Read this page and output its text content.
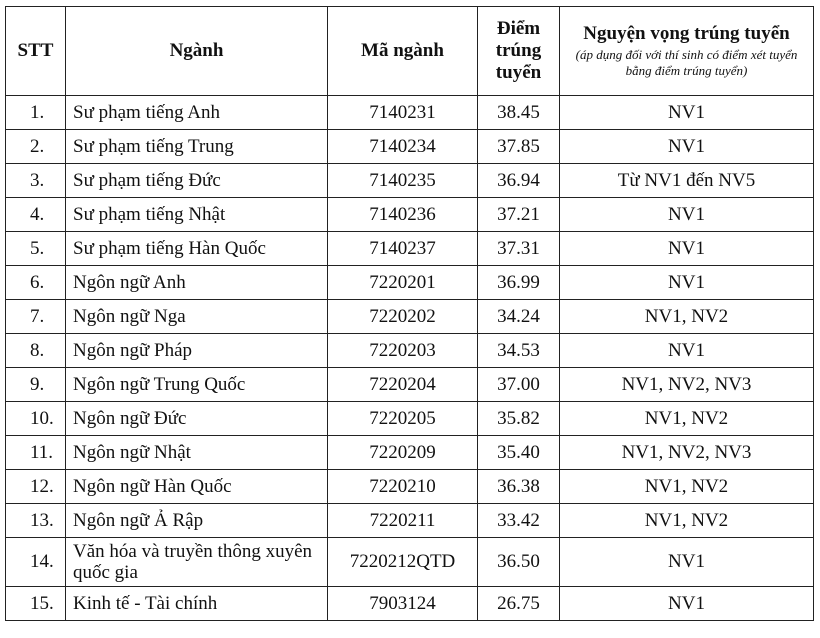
STT	Ngành	Mã ngành	Điểm trúng tuyển	Nguyện vọng trúng tuyển
(áp dụng đối với thí sinh có điểm xét tuyển bằng điểm trúng tuyển)

1.	Sư phạm tiếng Anh	7140231	38.45	NV1
2.	Sư phạm tiếng Trung	7140234	37.85	NV1
3.	Sư phạm tiếng Đức	7140235	36.94	Từ NV1 đến NV5
4.	Sư phạm tiếng Nhật	7140236	37.21	NV1
5.	Sư phạm tiếng Hàn Quốc	7140237	37.31	NV1
6.	Ngôn ngữ Anh	7220201	36.99	NV1
7.	Ngôn ngữ Nga	7220202	34.24	NV1, NV2
8.	Ngôn ngữ Pháp	7220203	34.53	NV1
9.	Ngôn ngữ Trung Quốc	7220204	37.00	NV1, NV2, NV3
10.	Ngôn ngữ Đức	7220205	35.82	NV1, NV2
11.	Ngôn ngữ Nhật	7220209	35.40	NV1, NV2, NV3
12.	Ngôn ngữ Hàn Quốc	7220210	36.38	NV1, NV2
13.	Ngôn ngữ Ả Rập	7220211	33.42	NV1, NV2
14.	Văn hóa và truyền thông xuyên quốc gia	7220212QTD	36.50	NV1
15.	Kinh tế - Tài chính	7903124	26.75	NV1
